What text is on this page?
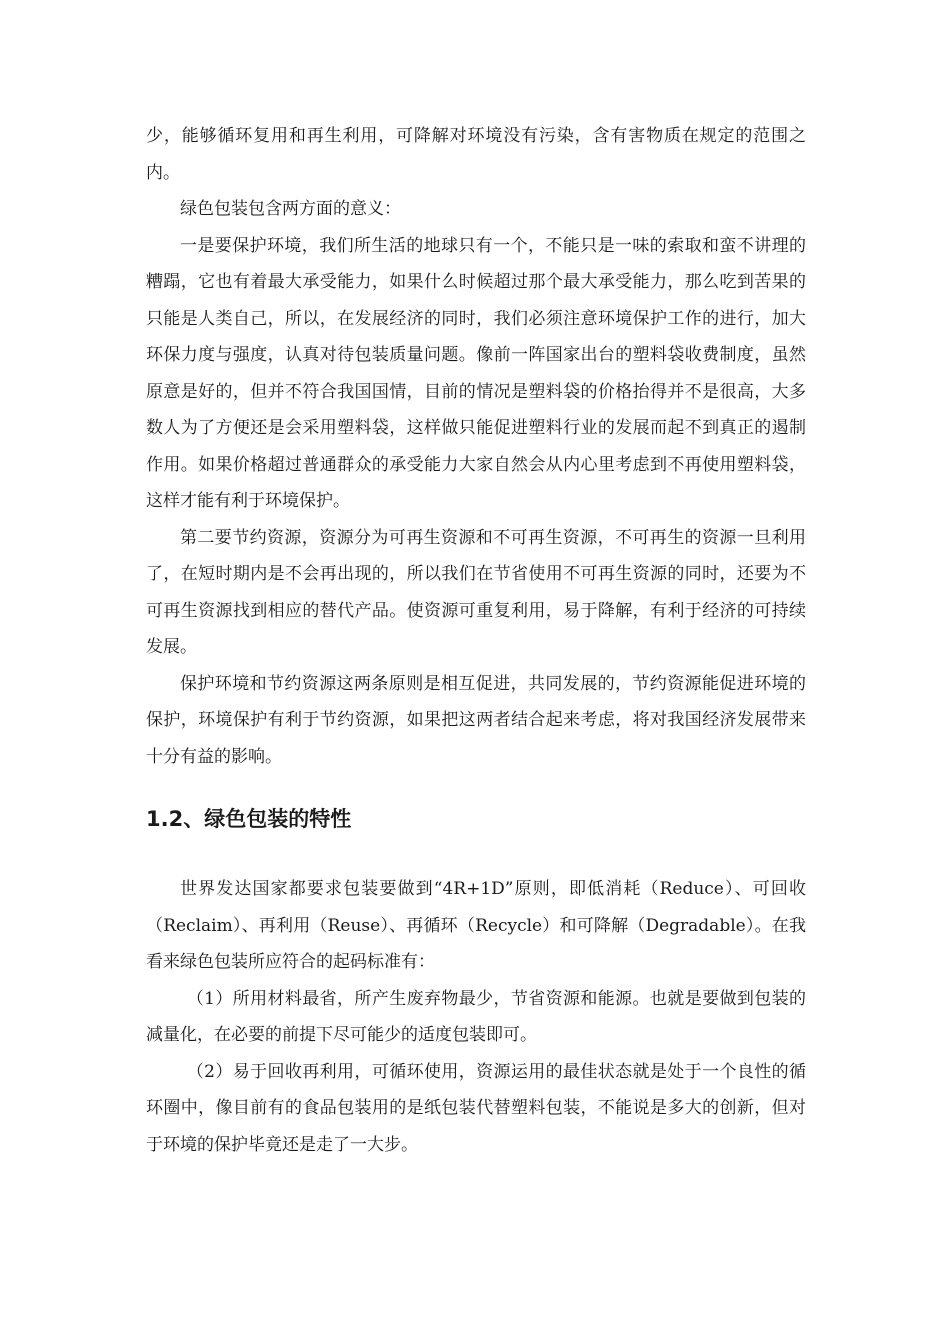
少，能够循环复用和再生利用，可降解对环境没有污染，含有害物质在规定的范围之内。

绿色包装包含两方面的意义：

一是要保护环境，我们所生活的地球只有一个，不能只是一味的索取和蛮不讲理的糟蹋，它也有着最大承受能力，如果什么时候超过那个最大承受能力，那么吃到苦果的只能是人类自己，所以，在发展经济的同时，我们必须注意环境保护工作的进行，加大环保力度与强度，认真对待包装质量问题。像前一阵国家出台的塑料袋收费制度，虽然原意是好的，但并不符合我国国情，目前的情况是塑料袋的价格抬得并不是很高，大多数人为了方便还是会采用塑料袋，这样做只能促进塑料行业的发展而起不到真正的遏制作用。如果价格超过普通群众的承受能力大家自然会从内心里考虑到不再使用塑料袋，这样才能有利于环境保护。

第二要节约资源，资源分为可再生资源和不可再生资源，不可再生的资源一旦利用了，在短时期内是不会再出现的，所以我们在节省使用不可再生资源的同时，还要为不可再生资源找到相应的替代产品。使资源可重复利用，易于降解，有利于经济的可持续发展。

保护环境和节约资源这两条原则是相互促进，共同发展的，节约资源能促进环境的保护，环境保护有利于节约资源，如果把这两者结合起来考虑，将对我国经济发展带来十分有益的影响。

1.2、绿色包装的特性

世界发达国家都要求包装要做到“4R+1D”原则，即低消耗（Reduce）、可回收（Reclaim）、再利用（Reuse）、再循环（Recycle）和可降解（Degradable）。在我看来绿色包装所应符合的起码标准有：

（1）所用材料最省，所产生废弃物最少，节省资源和能源。也就是要做到包装的减量化，在必要的前提下尽可能少的适度包装即可。

（2）易于回收再利用，可循环使用，资源运用的最佳状态就是处于一个良性的循环圈中，像目前有的食品包装用的是纸包装代替塑料包装，不能说是多大的创新，但对于环境的保护毕竟还是走了一大步。
